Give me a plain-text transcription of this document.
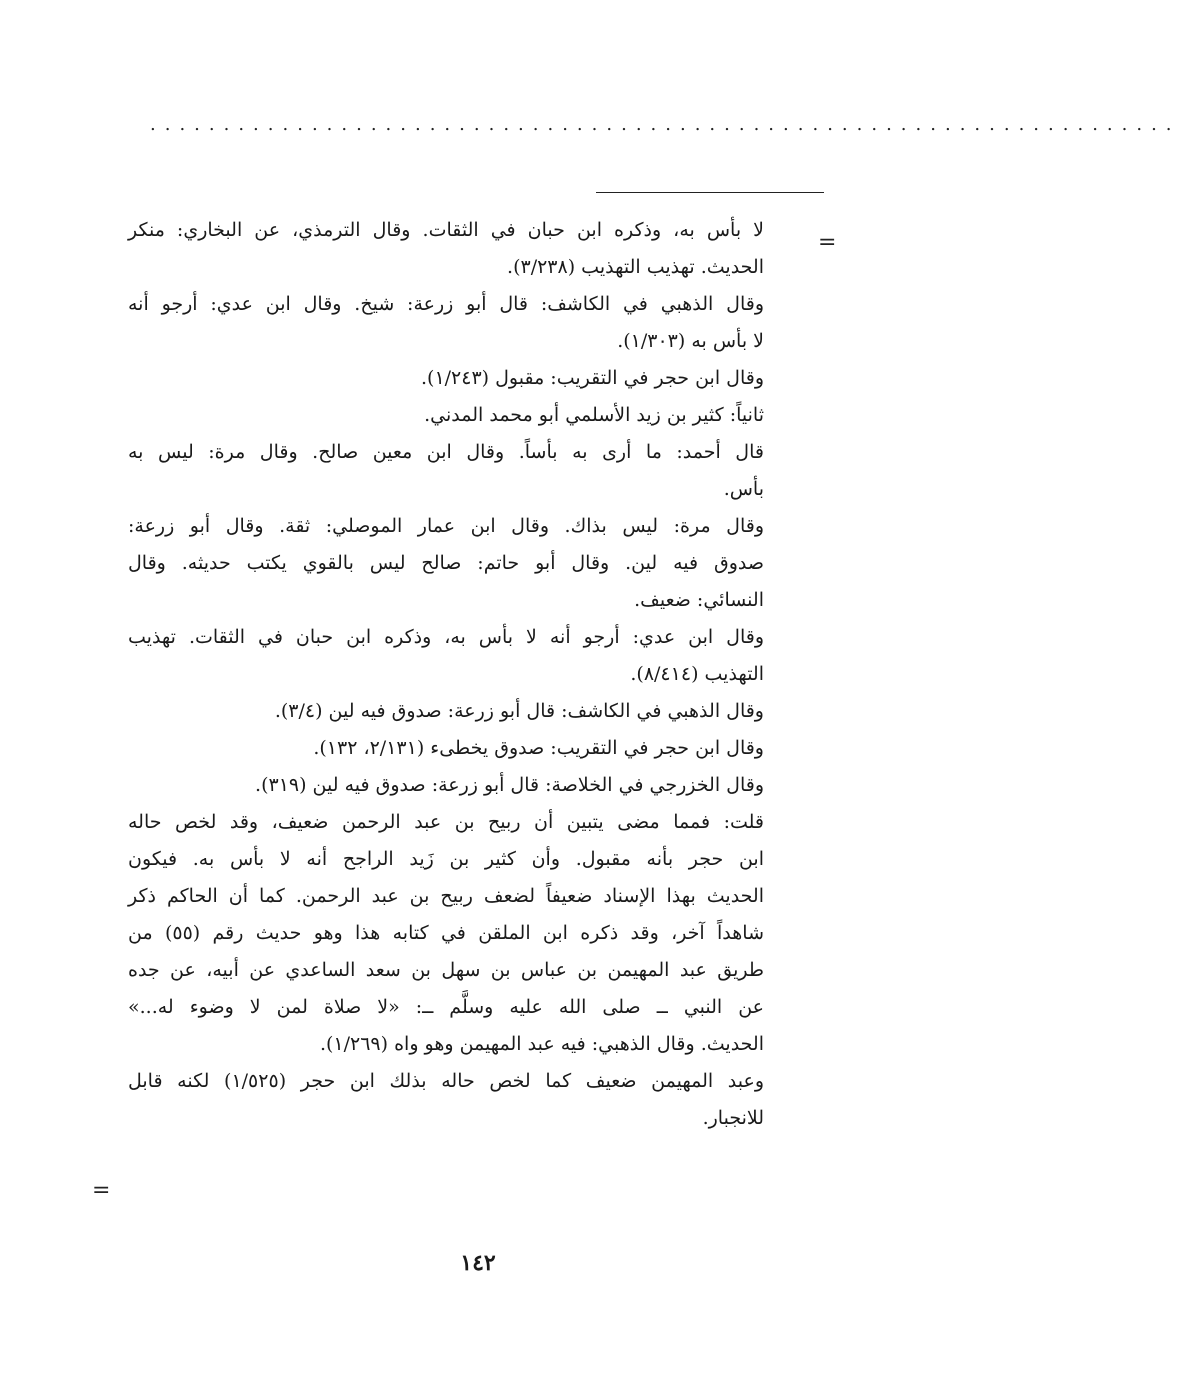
......................................................................
=
لا بأس به، وذكره ابن حبان في الثقات. وقال الترمذي، عن البخاري: منكر
الحديث. تهذيب التهذيب (٣/٢٣٨).
وقال الذهبي في الكاشف: قال أبو زرعة: شيخ. وقال ابن عدي: أرجو أنه
لا بأس به (١/٣٠٣).
وقال ابن حجر في التقريب: مقبول (١/٢٤٣).
ثانياً: كثير بن زيد الأسلمي أبو محمد المدني.
قال أحمد: ما أرى به بأساً. وقال ابن معين صالح. وقال مرة: ليس به
بأس.
وقال مرة: ليس بذاك. وقال ابن عمار الموصلي: ثقة. وقال أبو زرعة:
صدوق فيه لين. وقال أبو حاتم: صالح ليس بالقوي يكتب حديثه. وقال
النسائي: ضعيف.
وقال ابن عدي: أرجو أنه لا بأس به، وذكره ابن حبان في الثقات. تهذيب
التهذيب (٨/٤١٤).
وقال الذهبي في الكاشف: قال أبو زرعة: صدوق فيه لين (٣/٤).
وقال ابن حجر في التقريب: صدوق يخطىء (٢/١٣١، ١٣٢).
وقال الخزرجي في الخلاصة: قال أبو زرعة: صدوق فيه لين (٣١٩).
قلت: فمما مضى يتبين أن ربيح بن عبد الرحمن ضعيف، وقد لخص حاله
ابن حجر بأنه مقبول. وأن كثير بن زَيد الراجح أنه لا بأس به. فيكون
الحديث بهذا الإسناد ضعيفاً لضعف ربيح بن عبد الرحمن. كما أن الحاكم ذكر
شاهداً آخر، وقد ذكره ابن الملقن في كتابه هذا وهو حديث رقم (٥٥) من
طريق عبد المهيمن بن عباس بن سهل بن سعد الساعدي عن أبيه، عن جده
عن النبي ــ صلى الله عليه وسلَّم ــ: «لا صلاة لمن لا وضوء له...»
الحديث. وقال الذهبي: فيه عبد المهيمن وهو واه (١/٢٦٩).
وعبد المهيمن ضعيف كما لخص حاله بذلك ابن حجر (١/٥٢٥) لكنه قابل
للانجبار.
=
١٤٢
